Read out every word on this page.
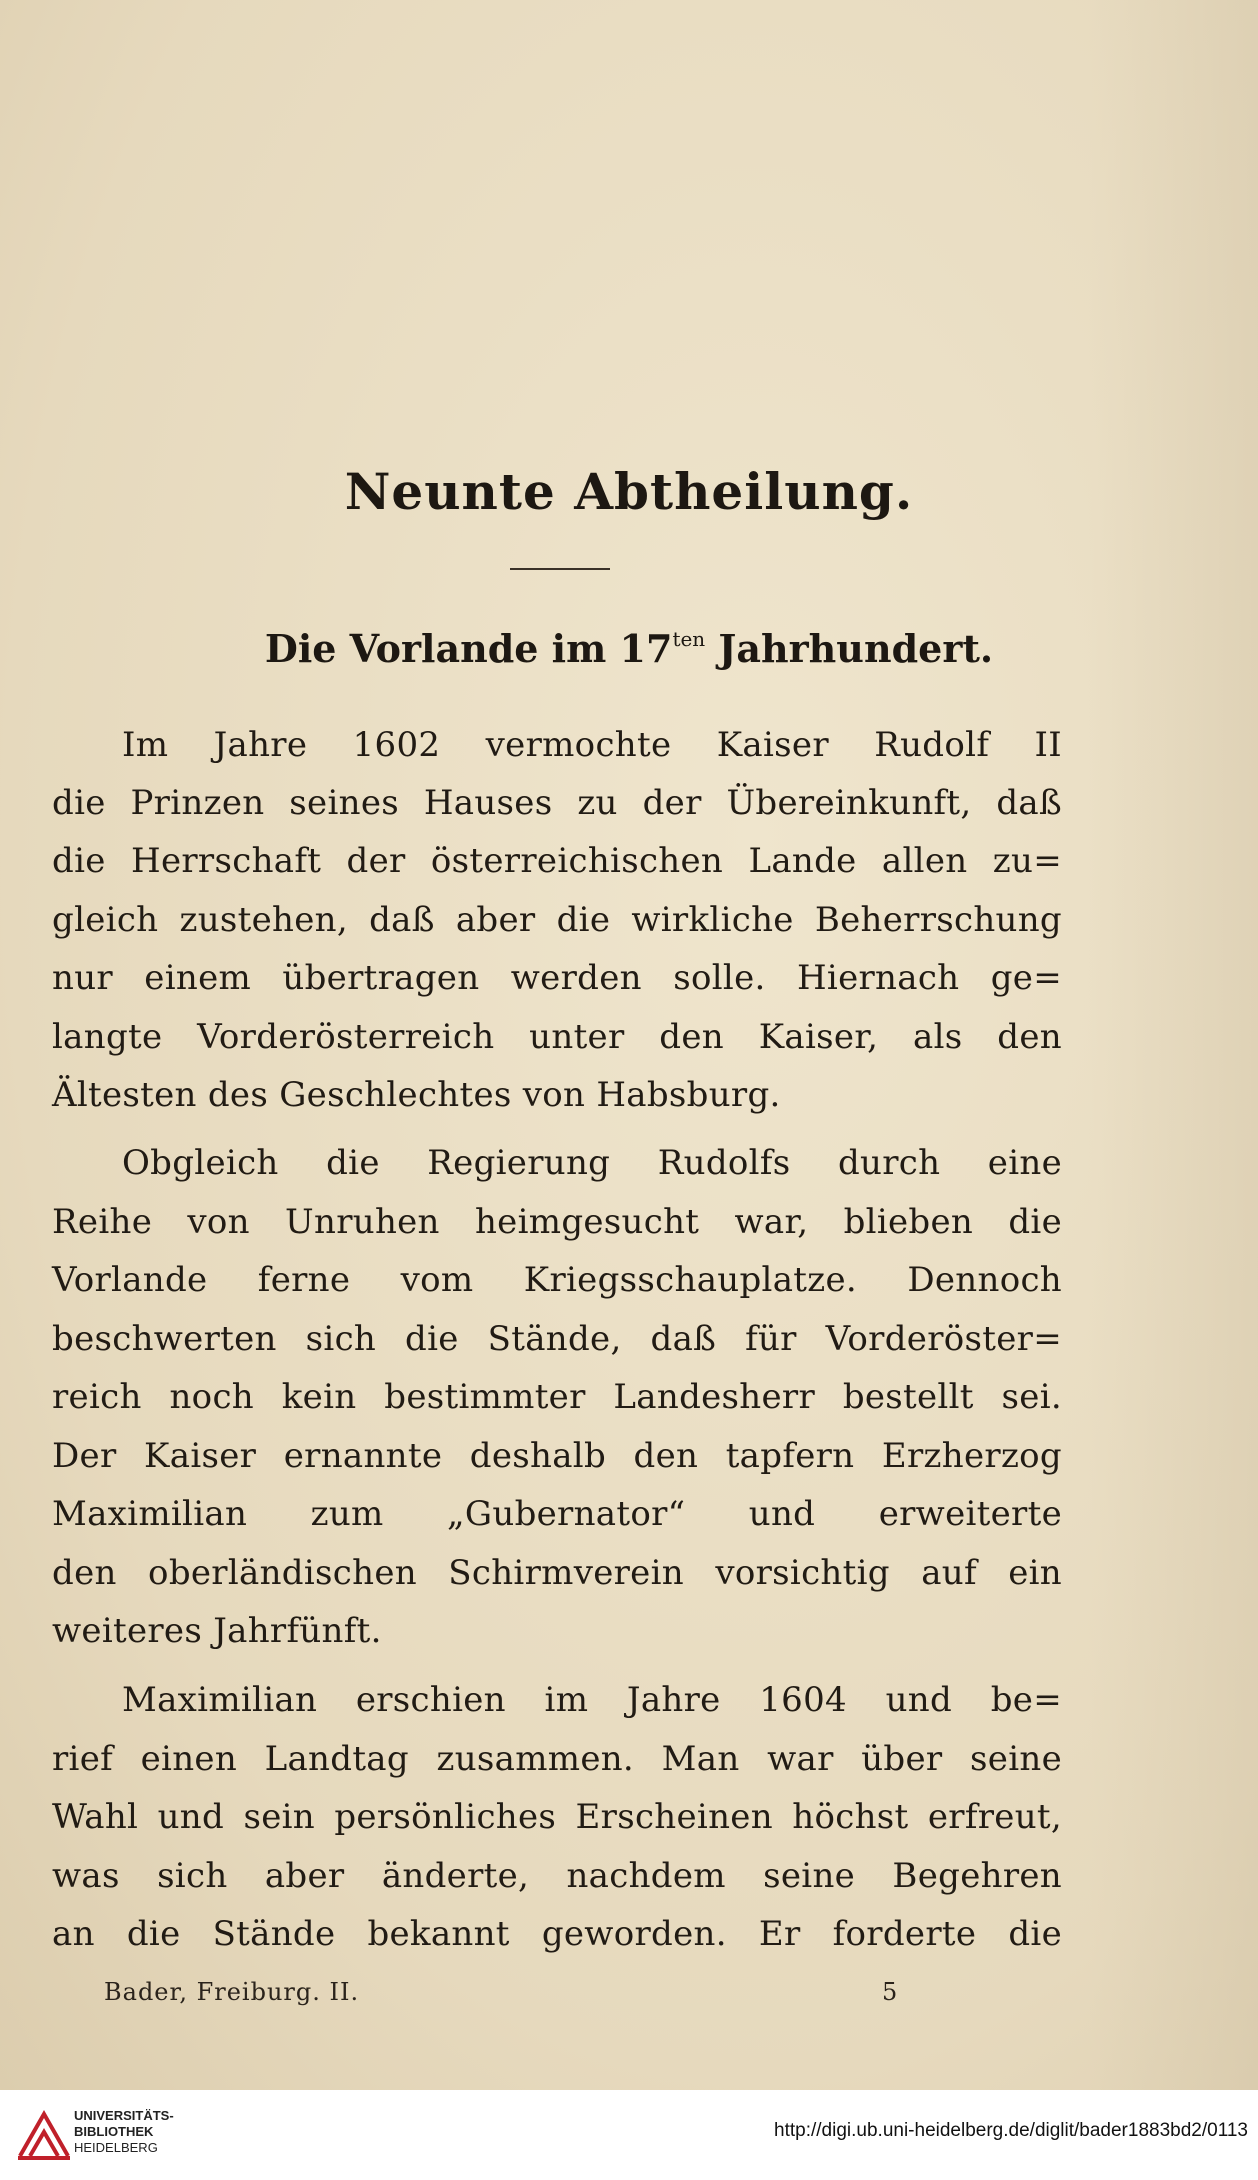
Neunte Abtheilung.
Die Vorlande im $17^{ten}$ Jahrhundert.
Im Jahre 1602 vermochte Kaiser Rudolf II
die Prinzen seines Hauses zu der Übereinkunft, daß
die Herrschaft der österreichischen Lande allen zu=
gleich zustehen, daß aber die wirkliche Beherrschung
nur einem übertragen werden solle. Hiernach ge=
langte Vorderösterreich unter den Kaiser, als den
Ältesten des Geschlechtes von Habsburg.
Obgleich die Regierung Rudolfs durch eine
Reihe von Unruhen heimgesucht war, blieben die
Vorlande ferne vom Kriegsschauplatze. Dennoch
beschwerten sich die Stände, daß für Vorderöster=
reich noch kein bestimmter Landesherr bestellt sei.
Der Kaiser ernannte deshalb den tapfern Erzherzog
Maximilian zum „Gubernator“ und erweiterte
den oberländischen Schirmverein vorsichtig auf ein
weiteres Jahrfünft.
Maximilian erschien im Jahre 1604 und be=
rief einen Landtag zusammen. Man war über seine
Wahl und sein persönliches Erscheinen höchst erfreut,
was sich aber änderte, nachdem seine Begehren
an die Stände bekannt geworden. Er forderte die
Bader, Freiburg. II.	5
UNIVERSITÄTS-
BIBLIOTHEK
HEIDELBERG
http://digi.ub.uni-heidelberg.de/diglit/bader1883bd2/0113
